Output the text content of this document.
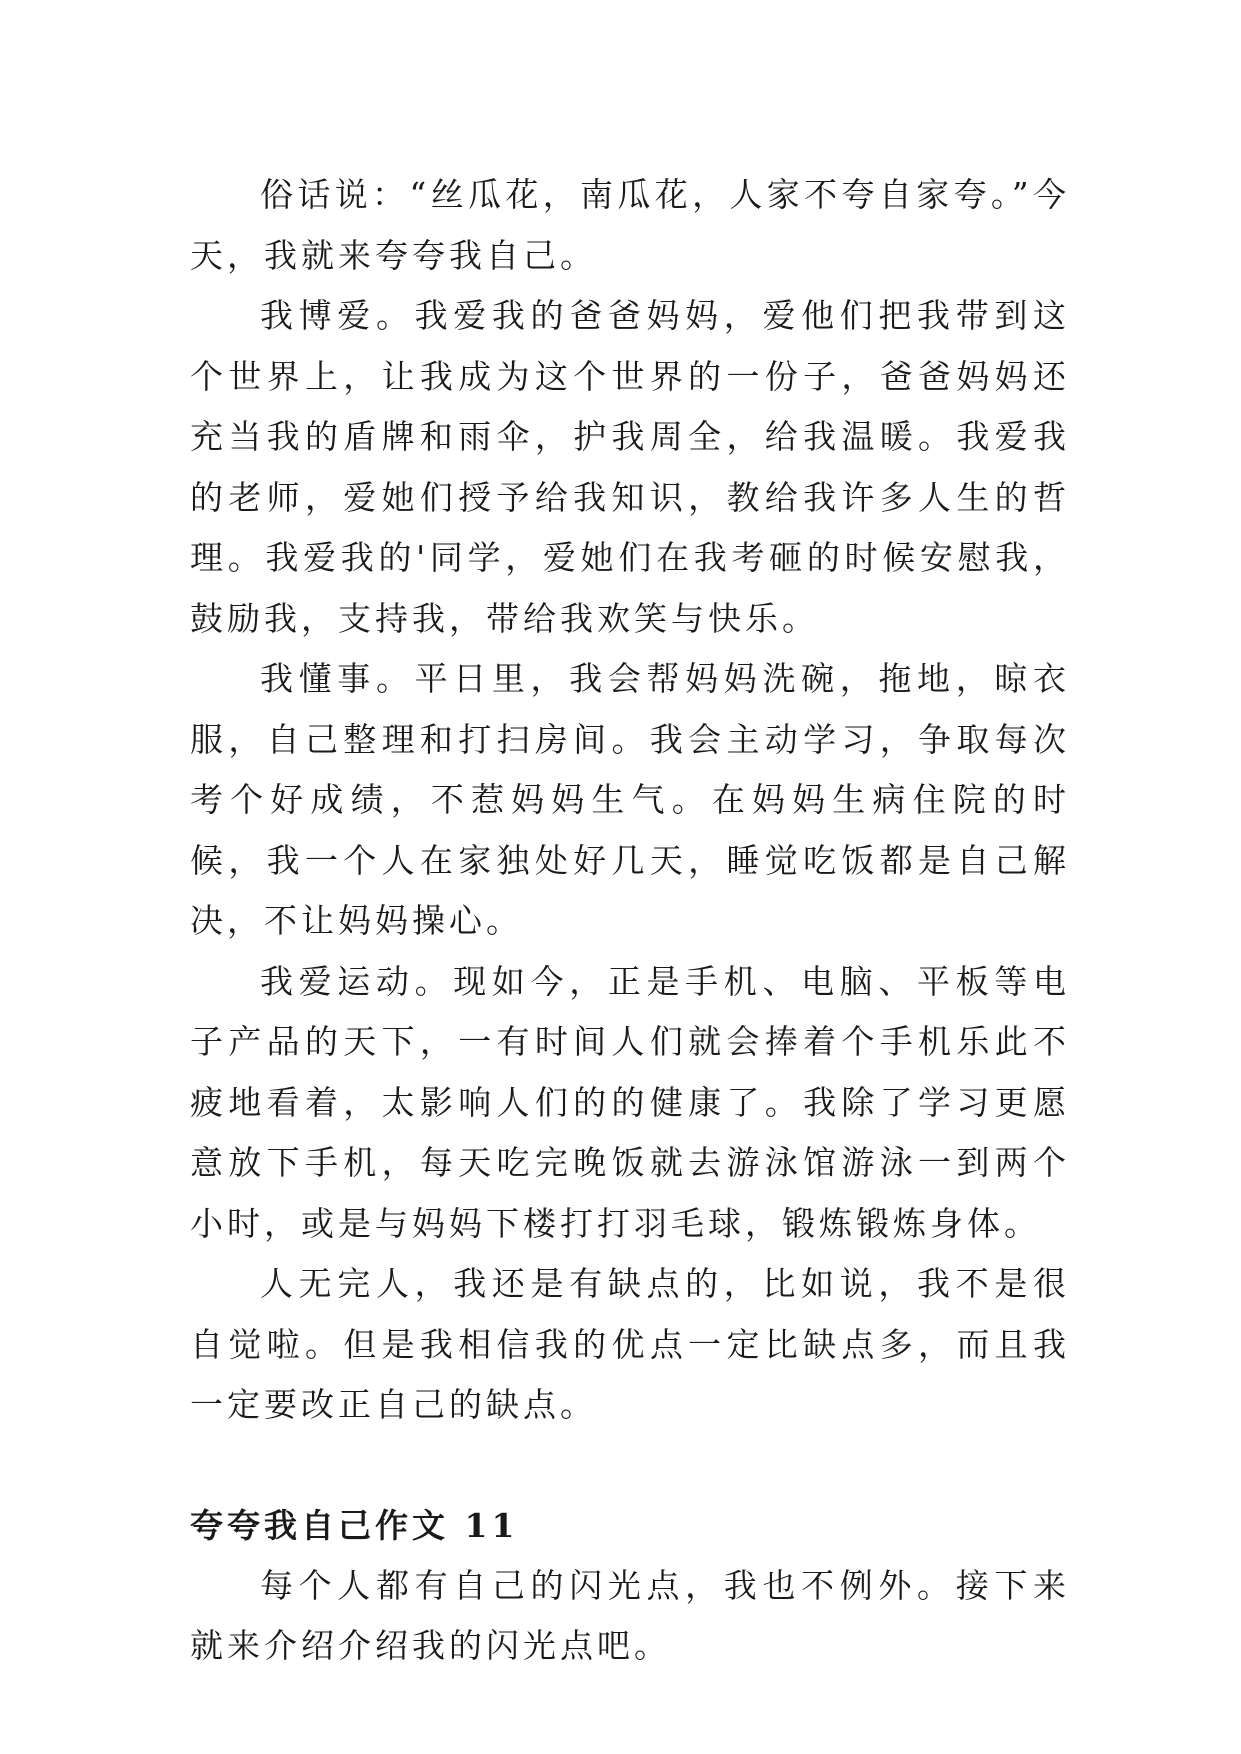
俗话说：“丝瓜花，南瓜花，人家不夸自家夸。”今天，我就来夸夸我自己。

我博爱。我爱我的爸爸妈妈，爱他们把我带到这个世界上，让我成为这个世界的一份子，爸爸妈妈还充当我的盾牌和雨伞，护我周全，给我温暖。我爱我的老师，爱她们授予给我知识，教给我许多人生的哲理。我爱我的'同学，爱她们在我考砸的时候安慰我，鼓励我，支持我，带给我欢笑与快乐。

我懂事。平日里，我会帮妈妈洗碗，拖地，晾衣服，自己整理和打扫房间。我会主动学习，争取每次考个好成绩，不惹妈妈生气。在妈妈生病住院的时候，我一个人在家独处好几天，睡觉吃饭都是自己解决，不让妈妈操心。

我爱运动。现如今，正是手机、电脑、平板等电子产品的天下，一有时间人们就会捧着个手机乐此不疲地看着，太影响人们的的健康了。我除了学习更愿意放下手机，每天吃完晚饭就去游泳馆游泳一到两个小时，或是与妈妈下楼打打羽毛球，锻炼锻炼身体。

人无完人，我还是有缺点的，比如说，我不是很自觉啦。但是我相信我的优点一定比缺点多，而且我一定要改正自己的缺点。

夸夸我自己作文 11

每个人都有自己的闪光点，我也不例外。接下来就来介绍介绍我的闪光点吧。
